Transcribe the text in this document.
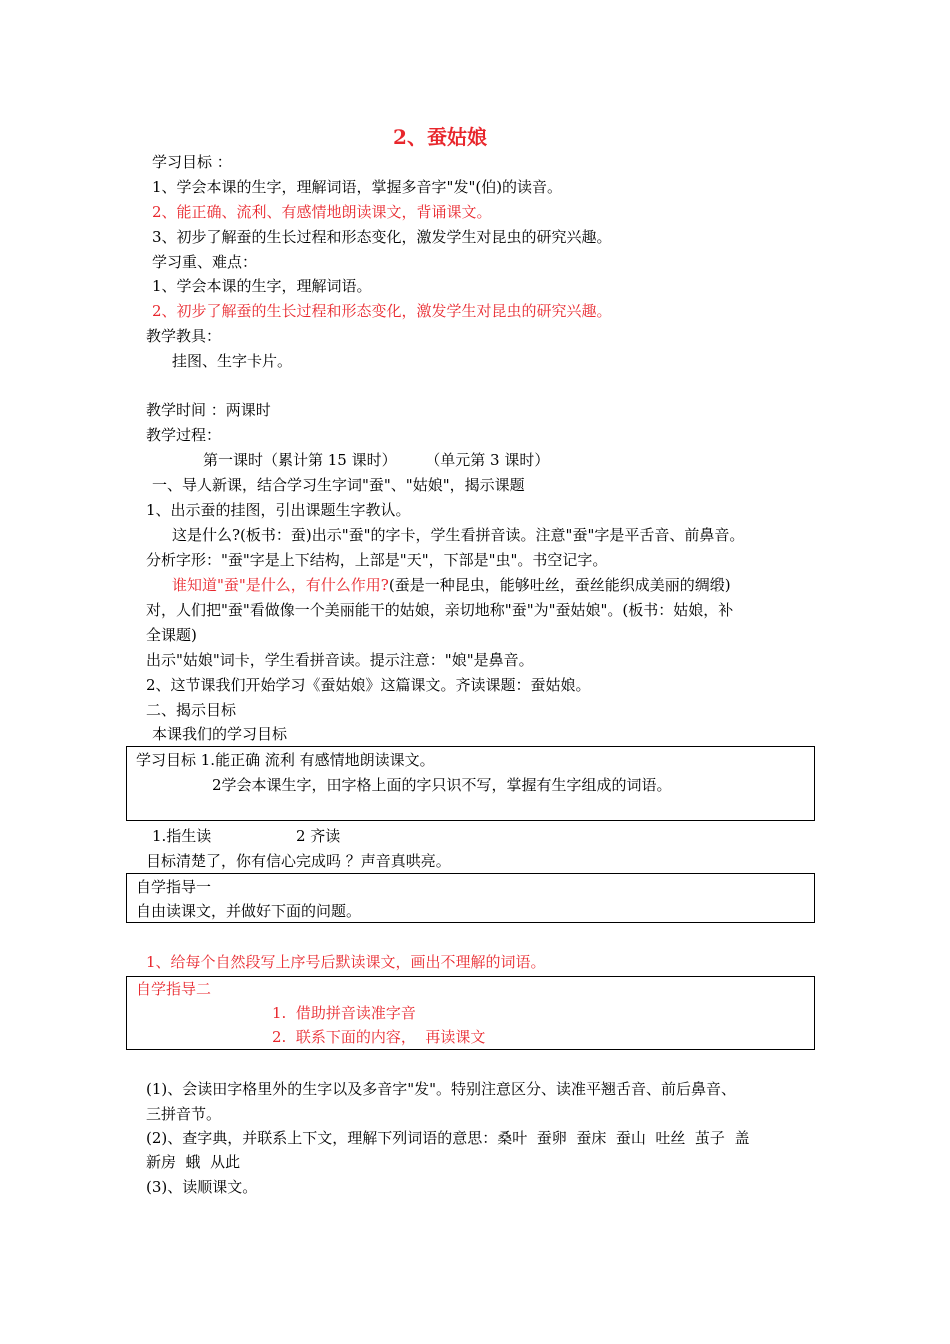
2、蚕姑娘
学习目标 ：
1、学会本课的生字，理解词语，掌握多音字"发"(伯)的读音。
2、能正确、流利、有感情地朗读课文，背诵课文。
3、初步了解蚕的生长过程和形态变化，激发学生对昆虫的研究兴趣。
学习重、难点：
1、学会本课的生字，理解词语。
2、初步了解蚕的生长过程和形态变化，激发学生对昆虫的研究兴趣。
教学教具：
挂图、生字卡片。
教学时间 ：两课时
教学过程：
第一课时（累计第 15 课时）      （单元第 3 课时）
一、导人新课，结合学习生字词"蚕"、"姑娘"，揭示课题
1、出示蚕的挂图，引出课题生字教认。
这是什么?(板书：蚕)出示"蚕"的字卡，学生看拼音读。注意"蚕"字是平舌音、前鼻音。
分析字形："蚕"字是上下结构，上部是"天"，下部是"虫"。书空记字。
谁知道"蚕"是什么，有什么作用?(蚕是一种昆虫，能够吐丝，蚕丝能织成美丽的绸缎)
对，人们把"蚕"看做像一个美丽能干的姑娘，亲切地称"蚕"为"蚕姑娘"。(板书：姑娘，补
全课题)
出示"姑娘"词卡，学生看拼音读。提示注意："娘"是鼻音。
2、这节课我们开始学习《蚕姑娘》这篇课文。齐读课题：蚕姑娘。
二、揭示目标
本课我们的学习目标
学习目标 1.能正确 流利 有感情地朗读课文。
2学会本课生字，田字格上面的字只识不写，掌握有生字组成的词语。
1.指生读	2 齐读
目标清楚了，你有信心完成吗 ？声音真哄亮。
自学指导一
自由读课文，并做好下面的问题。
1、给每个自然段写上序号后默读课文，画出不理解的词语。
自学指导二
1.  借助拼音读准字音
2.  联系下面的内容，  再读课文
(1)、会读田字格里外的生字以及多音字"发"。特别注意区分、读准平翘舌音、前后鼻音、
三拼音节。
(2)、查字典，并联系上下文，理解下列词语的意思：桑叶  蚕卵  蚕床  蚕山  吐丝  茧子  盖
新房  蛾  从此
(3)、读顺课文。
